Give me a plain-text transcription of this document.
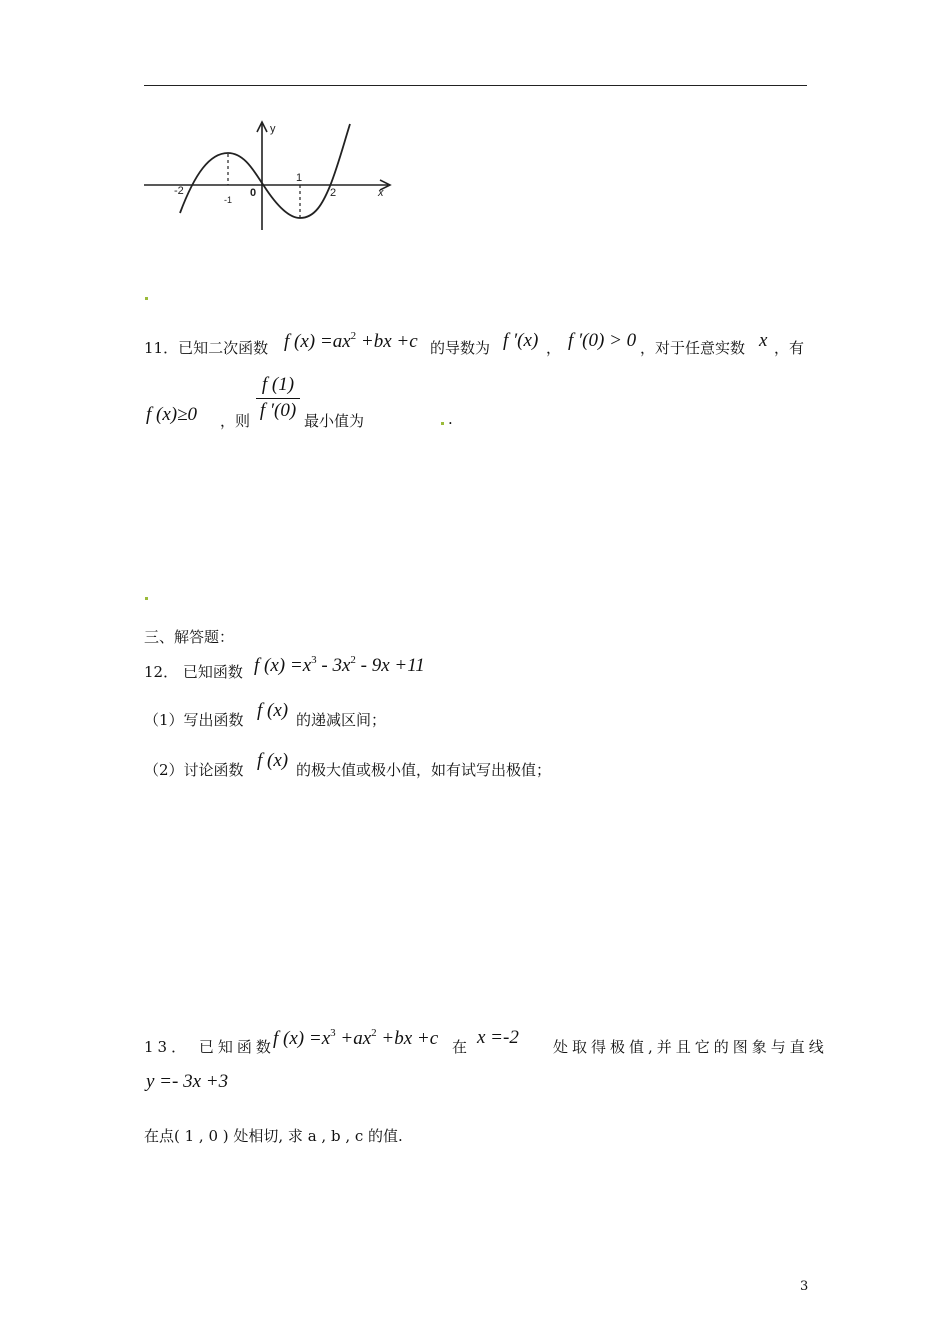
y
x
-2
-1
0
1
2
11．已知二次函数 f $(x) =ax^2 +bx +c$ 的导数为 f ′(x) ， f ′(0) > 0 ，对于任意实数 x ，有
f (x)≥0 ，则
f (1)
f ′(0) 最小值为	.
三、解答题：
12． 已知函数 f $(x) =x^3 - 3x^2 - 9x +11$
（1）写出函数 f (x) 的递减区间；
（2）讨论函数 f (x) 的极大值或极小值，如有试写出极值；
13． 已知函数
f $(x) =x^3 +ax^2 +bx +c$ 在 x =-2 处取得极值,并且它的图象与直线
y =- 3x +3
在点( 1 , 0 ) 处相切, 求 a , b , c 的值.
3
